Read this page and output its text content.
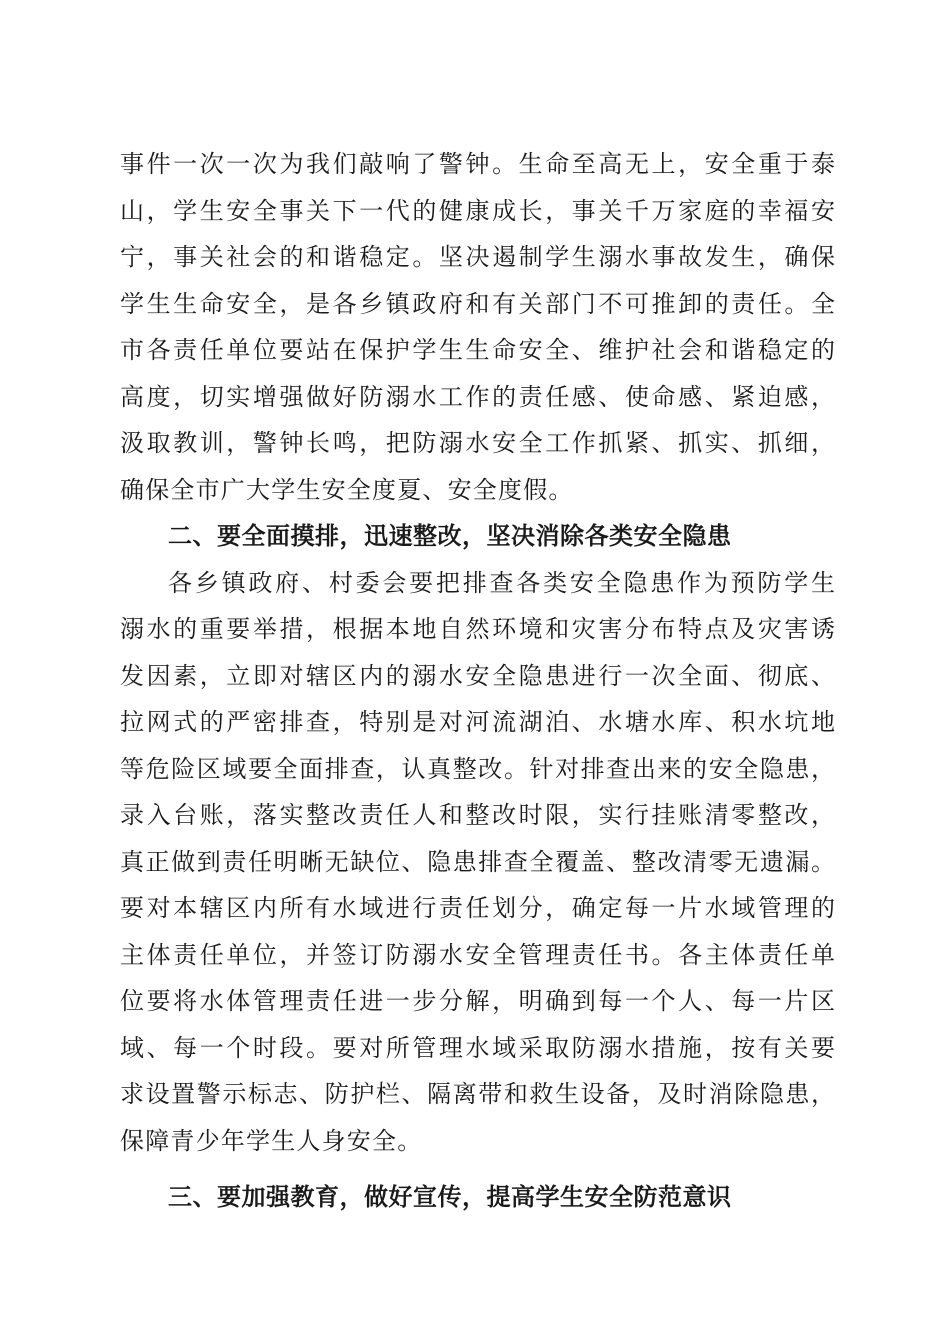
事件一次一次为我们敲响了警钟。生命至高无上，安全重于泰
山，学生安全事关下一代的健康成长，事关千万家庭的幸福安
宁，事关社会的和谐稳定。坚决遏制学生溺水事故发生，确保
学生生命安全，是各乡镇政府和有关部门不可推卸的责任。全
市各责任单位要站在保护学生生命安全、维护社会和谐稳定的
高度，切实增强做好防溺水工作的责任感、使命感、紧迫感，
汲取教训，警钟长鸣，把防溺水安全工作抓紧、抓实、抓细，
确保全市广大学生安全度夏、安全度假。
二、要全面摸排，迅速整改，坚决消除各类安全隐患
各乡镇政府、村委会要把排查各类安全隐患作为预防学生
溺水的重要举措，根据本地自然环境和灾害分布特点及灾害诱
发因素，立即对辖区内的溺水安全隐患进行一次全面、彻底、
拉网式的严密排查，特别是对河流湖泊、水塘水库、积水坑地
等危险区域要全面排查，认真整改。针对排查出来的安全隐患，
录入台账，落实整改责任人和整改时限，实行挂账清零整改，
真正做到责任明晰无缺位、隐患排查全覆盖、整改清零无遗漏。
要对本辖区内所有水域进行责任划分，确定每一片水域管理的
主体责任单位，并签订防溺水安全管理责任书。各主体责任单
位要将水体管理责任进一步分解，明确到每一个人、每一片区
域、每一个时段。要对所管理水域采取防溺水措施，按有关要
求设置警示标志、防护栏、隔离带和救生设备，及时消除隐患，
保障青少年学生人身安全。
三、要加强教育，做好宣传，提高学生安全防范意识
